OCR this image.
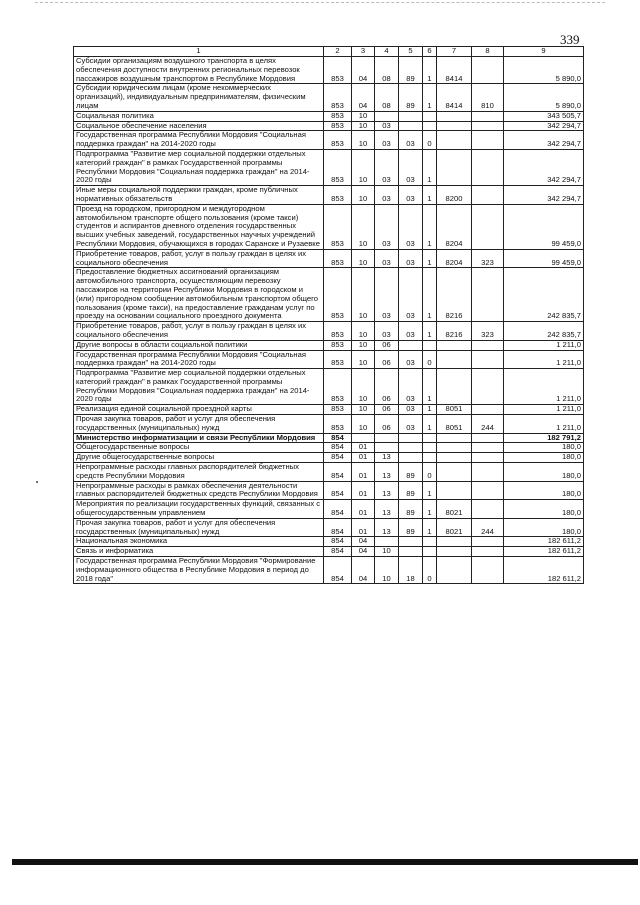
339
1	2	3	4	5	6	7	8	9
Субсидии организациям воздушного транспорта в целях обеспечения доступности внутренних региональных перевозок пассажиров воздушным транспортом в Республике Мордовия	853	04	08	89	1	8414		5 890,0
Субсидии юридическим лицам (кроме некоммерческих организаций), индивидуальным предпринимателям, физическим лицам	853	04	08	89	1	8414	810	5 890,0
Социальная политика	853	10						343 505,7
Социальное обеспечение населения	853	10	03					342 294,7
Государственная программа Республики Мордовия "Социальная поддержка граждан" на 2014-2020 годы	853	10	03	03	0			342 294,7
Подпрограмма "Развитие мер социальной поддержки отдельных категорий граждан" в рамках Государственной программы Республики Мордовия "Социальная поддержка граждан" на 2014-2020 годы	853	10	03	03	1			342 294,7
Иные меры социальной поддержки граждан, кроме публичных нормативных обязательств	853	10	03	03	1	8200		342 294,7
Проезд на городском, пригородном и междугородном автомобильном транспорте общего пользования (кроме такси) студентов и аспирантов дневного отделения государственных высших учебных заведений, государственных научных учреждений Республики Мордовия, обучающихся в городах Саранске и Рузаевке	853	10	03	03	1	8204		99 459,0
Приобретение товаров, работ, услуг в пользу граждан в целях их социального обеспечения	853	10	03	03	1	8204	323	99 459,0
Предоставление бюджетных ассигнований организациям автомобильного транспорта, осуществляющим перевозку пассажиров на территории Республики Мордовия в городском и (или) пригородном сообщении автомобильным транспортом общего пользования (кроме такси), на предоставление гражданам услуг по проезду на основании социального проездного документа	853	10	03	03	1	8216		242 835,7
Приобретение товаров, работ, услуг в пользу граждан в целях их социального обеспечения	853	10	03	03	1	8216	323	242 835,7
Другие вопросы в области социальной политики	853	10	06					1 211,0
Государственная программа Республики Мордовия "Социальная поддержка граждан" на 2014-2020 годы	853	10	06	03	0			1 211,0
Подпрограмма "Развитие мер социальной поддержки отдельных категорий граждан" в рамках Государственной программы Республики Мордовия "Социальная поддержка граждан" на 2014-2020 годы	853	10	06	03	1			1 211,0
Реализация единой социальной проездной карты	853	10	06	03	1	8051		1 211,0
Прочая закупка товаров, работ и услуг для обеспечения государственных (муниципальных) нужд	853	10	06	03	1	8051	244	1 211,0
Министерство информатизации и связи Республики Мордовия	854							182 791,2
Общегосударственные вопросы	854	01						180,0
Другие общегосударственные вопросы	854	01	13					180,0
Непрограммные расходы главных распорядителей бюджетных средств Республики Мордовия	854	01	13	89	0			180,0
Непрограммные расходы в рамках обеспечения деятельности главных распорядителей бюджетных средств Республики Мордовия	854	01	13	89	1			180,0
Мероприятия по реализации государственных функций, связанных с общегосударственным управлением	854	01	13	89	1	8021		180,0
Прочая закупка товаров, работ и услуг для обеспечения государственных (муниципальных) нужд	854	01	13	89	1	8021	244	180,0
Национальная экономика	854	04						182 611,2
Связь и информатика	854	04	10					182 611,2
Государственная программа Республики Мордовия "Формирование информационного общества в Республике Мордовия в период до 2018 года"	854	04	10	18	0			182 611,2
